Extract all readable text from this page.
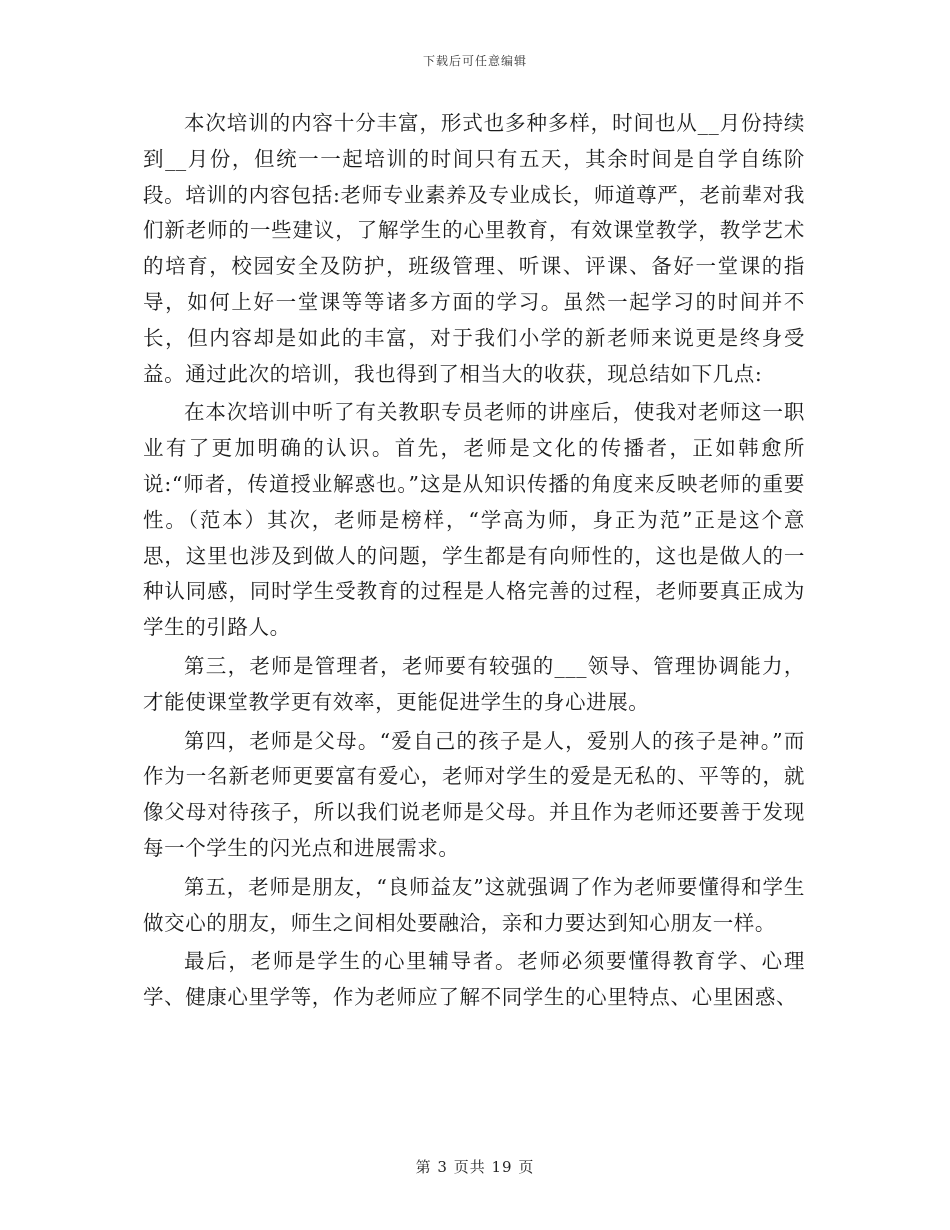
下载后可任意编辑

本次培训的内容十分丰富，形式也多种多样，时间也从__月份持续到__月份，但统一一起培训的时间只有五天，其余时间是自学自练阶段。培训的内容包括:老师专业素养及专业成长，师道尊严，老前辈对我们新老师的一些建议，了解学生的心里教育，有效课堂教学，教学艺术的培育，校园安全及防护，班级管理、听课、评课、备好一堂课的指导，如何上好一堂课等等诸多方面的学习。虽然一起学习的时间并不长，但内容却是如此的丰富，对于我们小学的新老师来说更是终身受益。通过此次的培训，我也得到了相当大的收获，现总结如下几点:

在本次培训中听了有关教职专员老师的讲座后，使我对老师这一职业有了更加明确的认识。首先，老师是文化的传播者，正如韩愈所说:“师者，传道授业解惑也。”这是从知识传播的角度来反映老师的重要性。（范本）其次，老师是榜样，“学高为师，身正为范”正是这个意思，这里也涉及到做人的问题，学生都是有向师性的，这也是做人的一种认同感，同时学生受教育的过程是人格完善的过程，老师要真正成为学生的引路人。

第三，老师是管理者，老师要有较强的___领导、管理协调能力，才能使课堂教学更有效率，更能促进学生的身心进展。

第四，老师是父母。“爱自己的孩子是人，爱别人的孩子是神。”而作为一名新老师更要富有爱心，老师对学生的爱是无私的、平等的，就像父母对待孩子，所以我们说老师是父母。并且作为老师还要善于发现每一个学生的闪光点和进展需求。

第五，老师是朋友，“良师益友”这就强调了作为老师要懂得和学生做交心的朋友，师生之间相处要融洽，亲和力要达到知心朋友一样。

最后，老师是学生的心里辅导者。老师必须要懂得教育学、心理学、健康心里学等，作为老师应了解不同学生的心里特点、心里困惑、

第 3 页共 19 页
